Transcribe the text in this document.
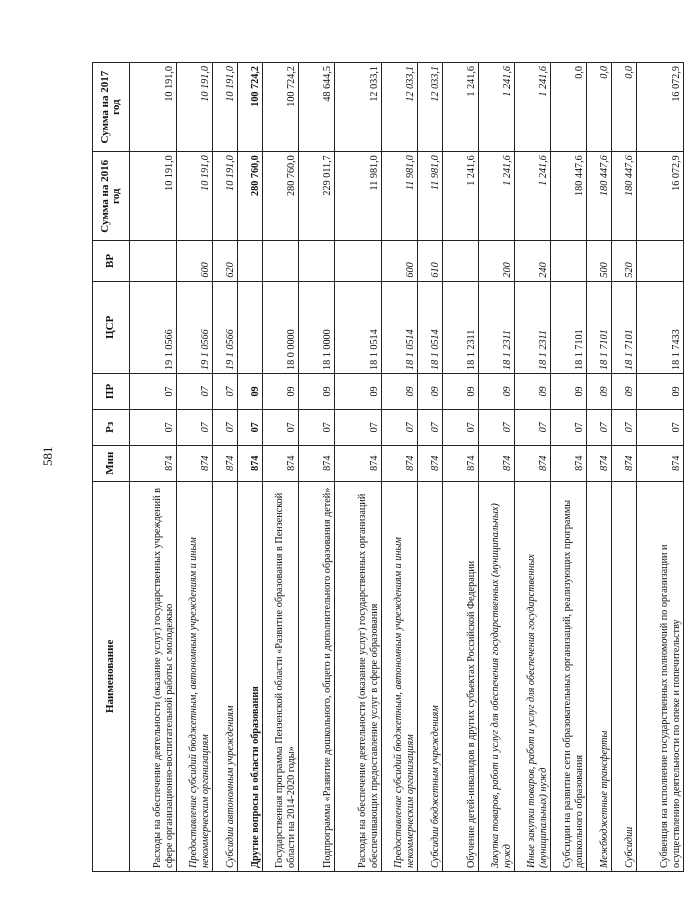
581
Наименование	Мин	Рз	ПР	ЦСР	ВР	Сумма на 2016 год	Сумма на 2017 год
Расходы на обеспечение деятельности (оказание услуг) государственных учреждений в сфере организационно-воспитательной работы с молодежью	874	07	07	19 1 0566		10 191,0	10 191,0
Предоставление субсидий бюджетным, автономным учреждениям и иным некоммерческим организациям	874	07	07	19 1 0566	600	10 191,0	10 191,0
Субсидии автономным учреждениям	874	07	07	19 1 0566	620	10 191,0	10 191,0
Другие вопросы в области образования	874	07	09			280 760,0	100 724,2
Государственная программа Пензенской области «Развитие образования в Пензенской области на 2014-2020 годы»	874	07	09	18 0 0000		280 760,0	100 724,2
Подпрограмма «Развитие дошкольного, общего и дополнительного образования детей»	874	07	09	18 1 0000		229 011,7	48 644,5
Расходы на обеспечение деятельности (оказание услуг) государственных организаций обеспечивающих предоставление услуг в сфере образования	874	07	09	18 1 0514		11 981,0	12 033,1
Предоставление субсидий бюджетным, автономным учреждениям и иным некоммерческим организациям	874	07	09	18 1 0514	600	11 981,0	12 033,1
Субсидии бюджетным учреждениям	874	07	09	18 1 0514	610	11 981,0	12 033,1
Обучение детей-инвалидов в других субъектах Российской Федерации	874	07	09	18 1 2311		1 241,6	1 241,6
Закупка товаров, работ и услуг для обеспечения государственных (муниципальных) нужд	874	07	09	18 1 2311	200	1 241,6	1 241,6
Иные закупки товаров, работ и услуг для обеспечения государственных (муниципальных) нужд	874	07	09	18 1 2311	240	1 241,6	1 241,6
Субсидии на развитие сети образовательных организаций, реализующих программы дошкольного образования	874	07	09	18 1 7101		180 447,6	0,0
Межбюджетные трансферты	874	07	09	18 1 7101	500	180 447,6	0,0
Субсидии	874	07	09	18 1 7101	520	180 447,6	0,0
Субвенция на исполнение государственных полномочий по организации и осуществлению деятельности по опеке и попечительству	874	07	09	18 1 7433		16 072,9	16 072,9
